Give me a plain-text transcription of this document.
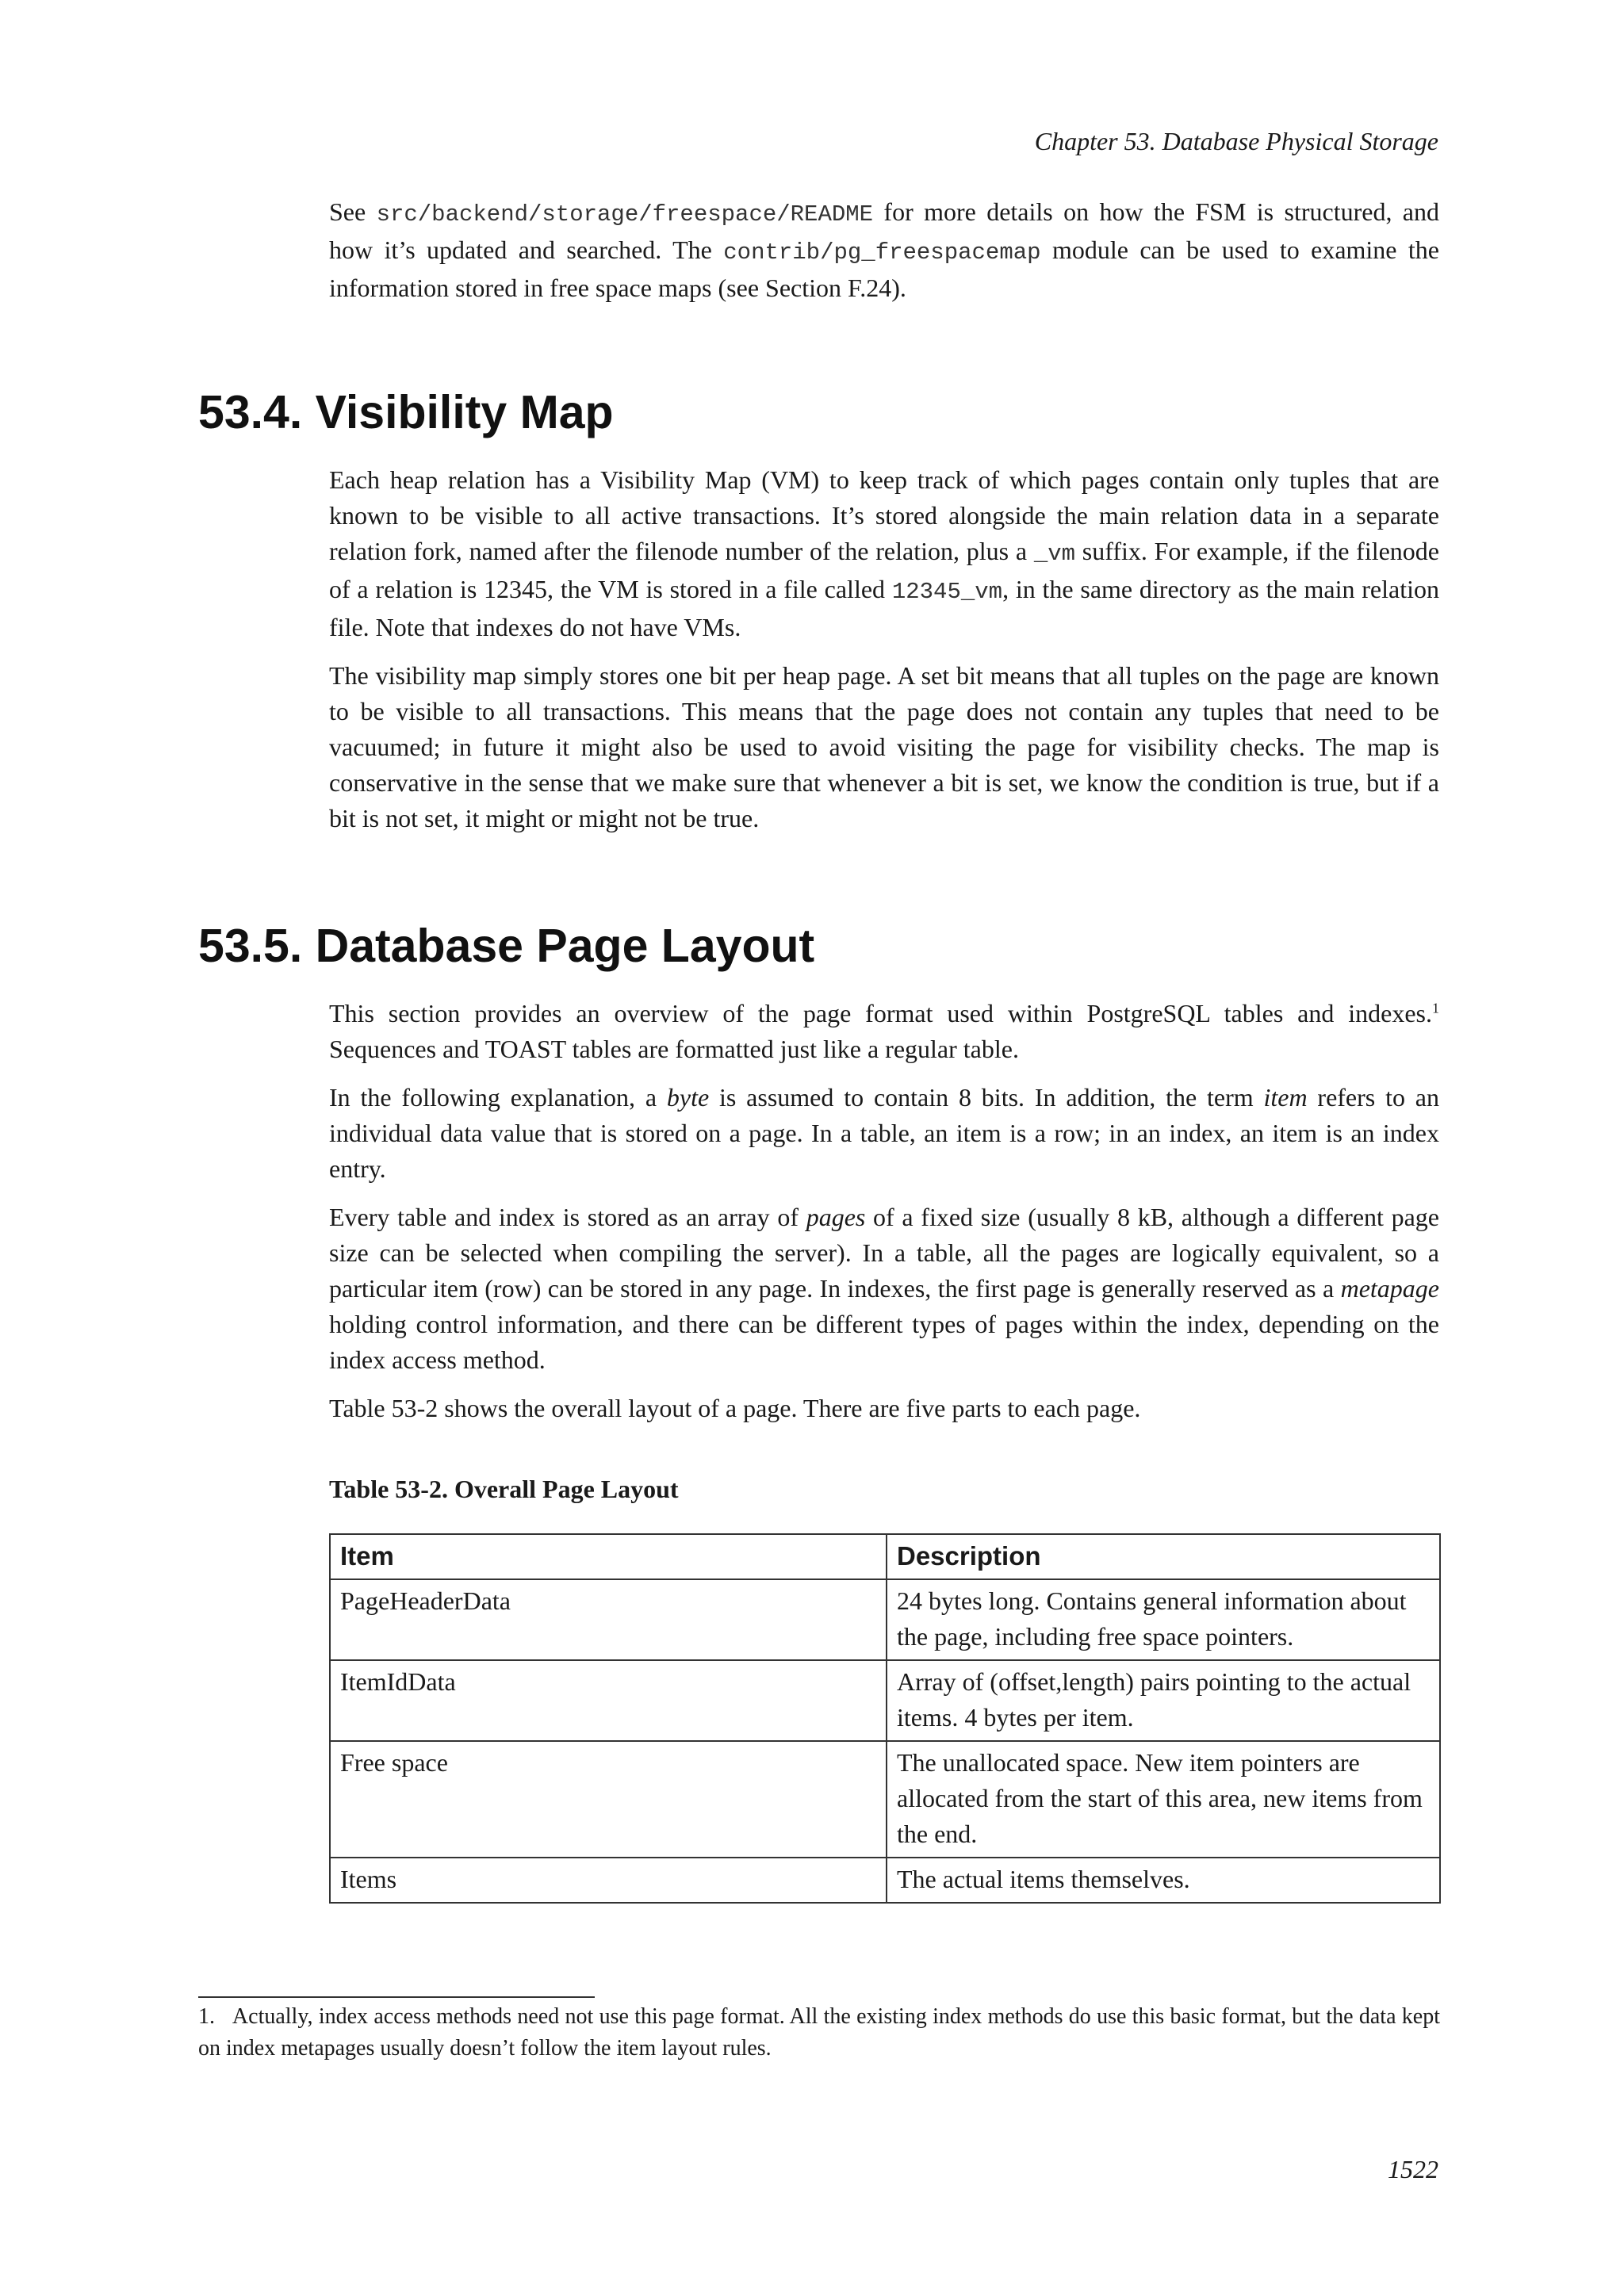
Chapter 53. Database Physical Storage

See src/backend/storage/freespace/README for more details on how the FSM is structured, and how it’s updated and searched. The contrib/pg_freespacemap module can be used to examine the information stored in free space maps (see Section F.24).

53.4. Visibility Map

Each heap relation has a Visibility Map (VM) to keep track of which pages contain only tuples that are known to be visible to all active transactions. It’s stored alongside the main relation data in a separate relation fork, named after the filenode number of the relation, plus a _vm suffix. For example, if the filenode of a relation is 12345, the VM is stored in a file called 12345_vm, in the same directory as the main relation file. Note that indexes do not have VMs.

The visibility map simply stores one bit per heap page. A set bit means that all tuples on the page are known to be visible to all transactions. This means that the page does not contain any tuples that need to be vacuumed; in future it might also be used to avoid visiting the page for visibility checks. The map is conservative in the sense that we make sure that whenever a bit is set, we know the condition is true, but if a bit is not set, it might or might not be true.

53.5. Database Page Layout

This section provides an overview of the page format used within PostgreSQL tables and indexes.$^1$ Sequences and TOAST tables are formatted just like a regular table.

In the following explanation, a byte is assumed to contain 8 bits. In addition, the term item refers to an individual data value that is stored on a page. In a table, an item is a row; in an index, an item is an index entry.

Every table and index is stored as an array of pages of a fixed size (usually 8 kB, although a different page size can be selected when compiling the server). In a table, all the pages are logically equivalent, so a particular item (row) can be stored in any page. In indexes, the first page is generally reserved as a metapage holding control information, and there can be different types of pages within the index, depending on the index access method.

Table 53-2 shows the overall layout of a page. There are five parts to each page.

Table 53-2. Overall Page Layout

Item	Description
PageHeaderData	24 bytes long. Contains general information about the page, including free space pointers.
ItemIdData	Array of (offset,length) pairs pointing to the actual items. 4 bytes per item.
Free space	The unallocated space. New item pointers are allocated from the start of this area, new items from the end.
Items	The actual items themselves.

1. Actually, index access methods need not use this page format. All the existing index methods do use this basic format, but the data kept on index metapages usually doesn’t follow the item layout rules.

1522
